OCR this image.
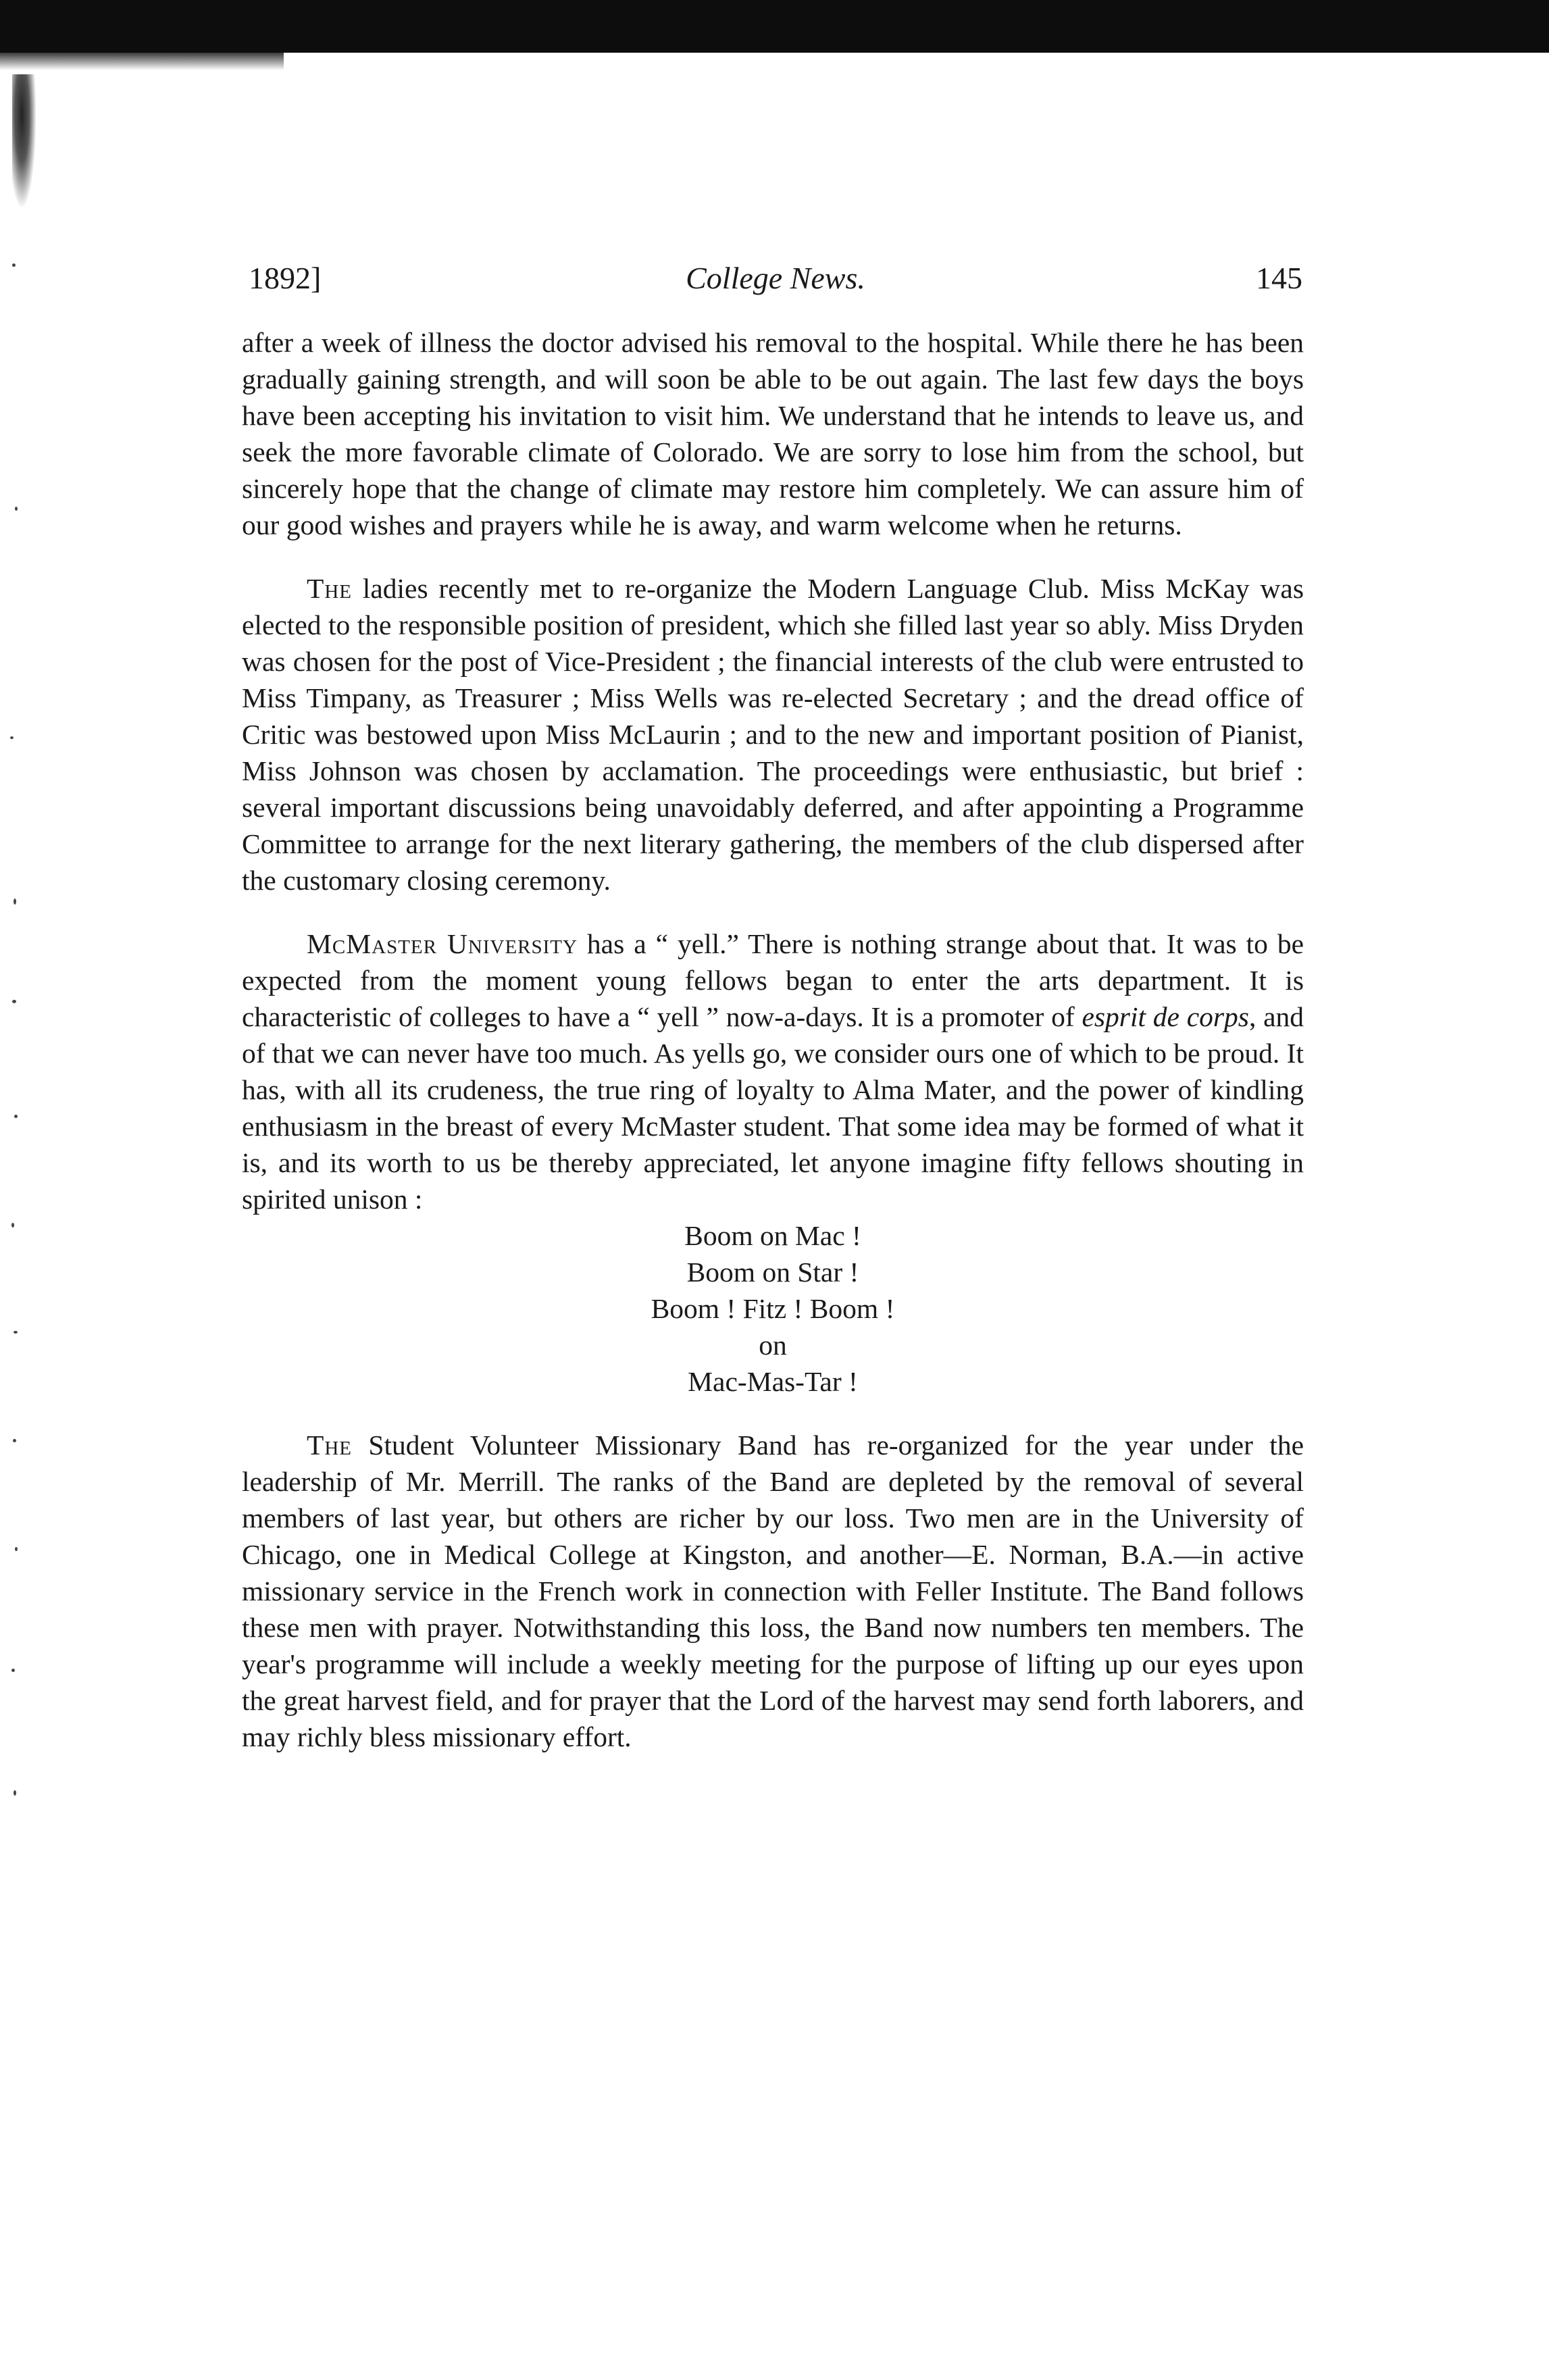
1892]	College News.	145

after a week of illness the doctor advised his removal to the hospital. While there he has been gradually gaining strength, and will soon be able to be out again. The last few days the boys have been accepting his invitation to visit him. We understand that he intends to leave us, and seek the more favorable climate of Colorado. We are sorry to lose him from the school, but sincerely hope that the change of climate may restore him completely. We can assure him of our good wishes and prayers while he is away, and warm welcome when he returns.

The ladies recently met to re-organize the Modern Language Club. Miss McKay was elected to the responsible position of president, which she filled last year so ably. Miss Dryden was chosen for the post of Vice-President ; the financial interests of the club were entrusted to Miss Timpany, as Treasurer ; Miss Wells was re-elected Secretary ; and the dread office of Critic was bestowed upon Miss McLaurin ; and to the new and important position of Pianist, Miss Johnson was chosen by acclamation. The proceedings were enthusiastic, but brief : several important discussions being unavoidably deferred, and after appointing a Programme Committee to arrange for the next literary gathering, the members of the club dispersed after the customary closing ceremony.

McMaster University has a “ yell.” There is nothing strange about that. It was to be expected from the moment young fellows began to enter the arts department. It is characteristic of colleges to have a “ yell ” now-a-days. It is a promoter of esprit de corps, and of that we can never have too much. As yells go, we consider ours one of which to be proud. It has, with all its crudeness, the true ring of loyalty to Alma Mater, and the power of kindling enthusiasm in the breast of every McMaster student. That some idea may be formed of what it is, and its worth to us be thereby appreciated, let anyone imagine fifty fellows shouting in spirited unison :

Boom on Mac !
Boom on Star !
Boom ! Fitz ! Boom !
on
Mac-Mas-Tar !

The Student Volunteer Missionary Band has re-organized for the year under the leadership of Mr. Merrill. The ranks of the Band are depleted by the removal of several members of last year, but others are richer by our loss. Two men are in the University of Chicago, one in Medical College at Kingston, and another—E. Norman, B.A.—in active missionary service in the French work in connection with Feller Institute. The Band follows these men with prayer. Notwithstanding this loss, the Band now numbers ten members. The year's programme will include a weekly meeting for the purpose of lifting up our eyes upon the great harvest field, and for prayer that the Lord of the harvest may send forth laborers, and may richly bless missionary effort.
